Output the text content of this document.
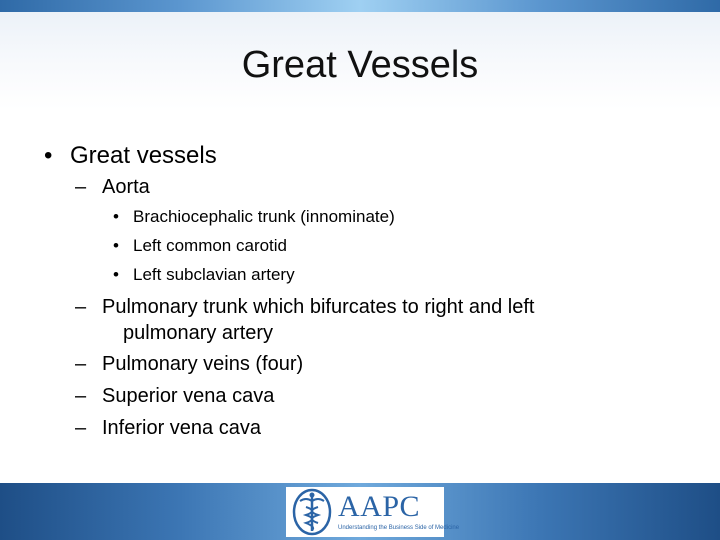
Great Vessels
• Great vessels
– Aorta
• Brachiocephalic trunk (innominate)
• Left common carotid
• Left subclavian artery
– Pulmonary trunk which bifurcates to right and left
pulmonary artery
– Pulmonary veins (four)
– Superior vena cava
– Inferior vena cava
AAPC
Understanding the Business Side of Medicine
